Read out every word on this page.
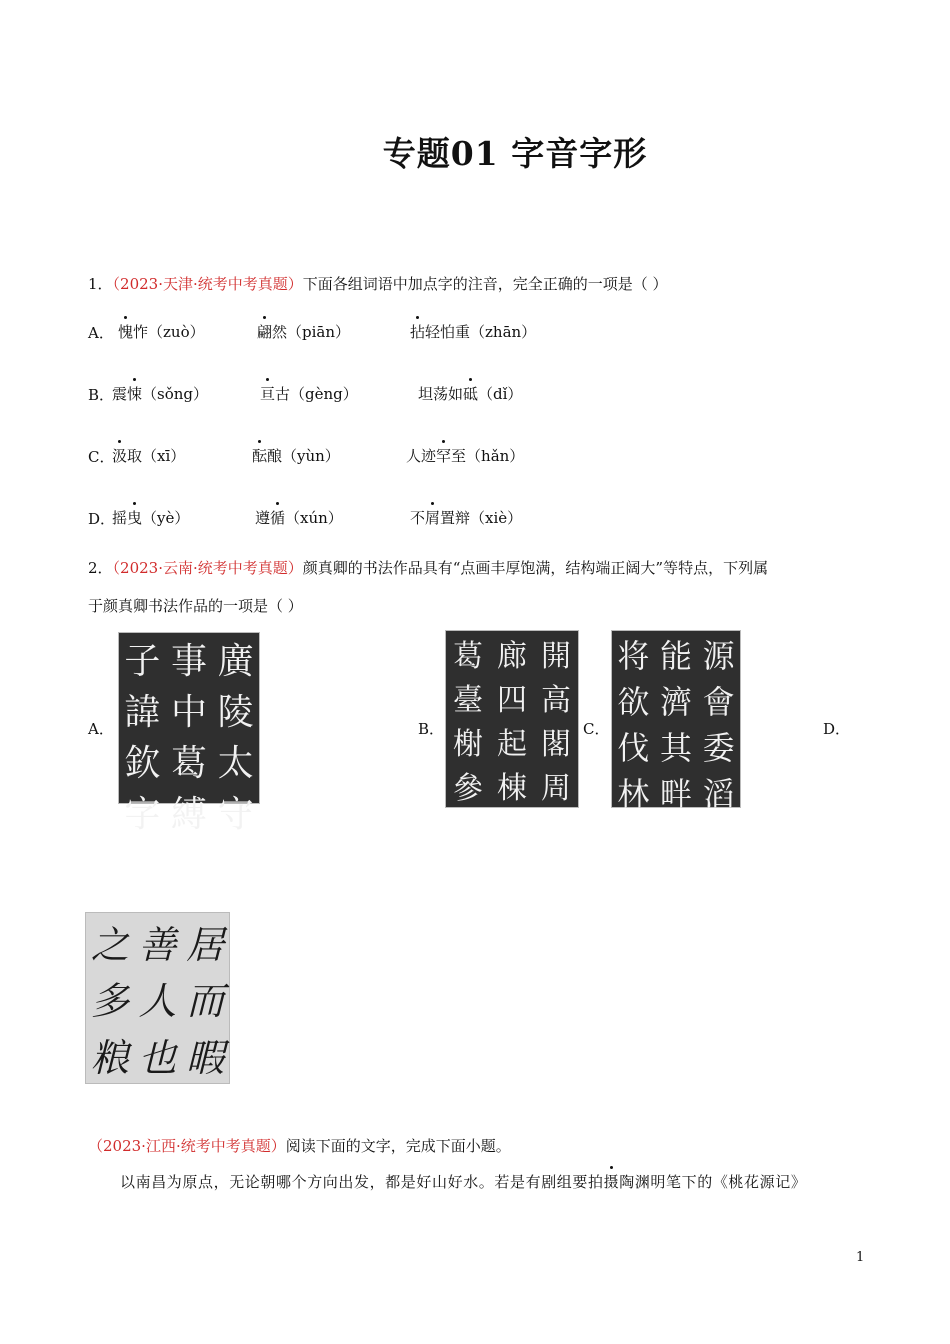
专题01 字音字形
1．（2023·天津·统考中考真题）下面各组词语中加点字的注音，完全正确的一项是（ ）
A． 愧怍（zuò）	翩然（piān）	拈轻怕重（zhān）
B．
震悚（sǒng）	亘古（gèng）	坦荡如砥（dǐ）
C．
汲取（xī）	酝酿（yùn）	人迹罕至（hǎn）
D．
摇曳（yè）	遵循（xún）	不屑置辩（xiè）
2．（2023·云南·统考中考真题）颜真卿的书法作品具有“点画丰厚饱满，结构端正阔大”等特点，下列属
于颜真卿书法作品的一项是（ ）
A．
子 事 廣
諱 中 陵
欽 葛 太
字 縛 守
B．
葛 廊 開
臺 四 高
榭 起 閣
參 棟 周
C．
将 能 源
欲 濟 會
伐 其 委
林 畔 滔
D．
之 善 居
多 人 而
粮 也 暇
（2023·江西·统考中考真题）阅读下面的文字，完成下面小题。
以南昌为原点，无论朝哪个方向出发，都是好山好水。若是有剧组要拍摄陶渊明笔下的《桃花源记》
1
